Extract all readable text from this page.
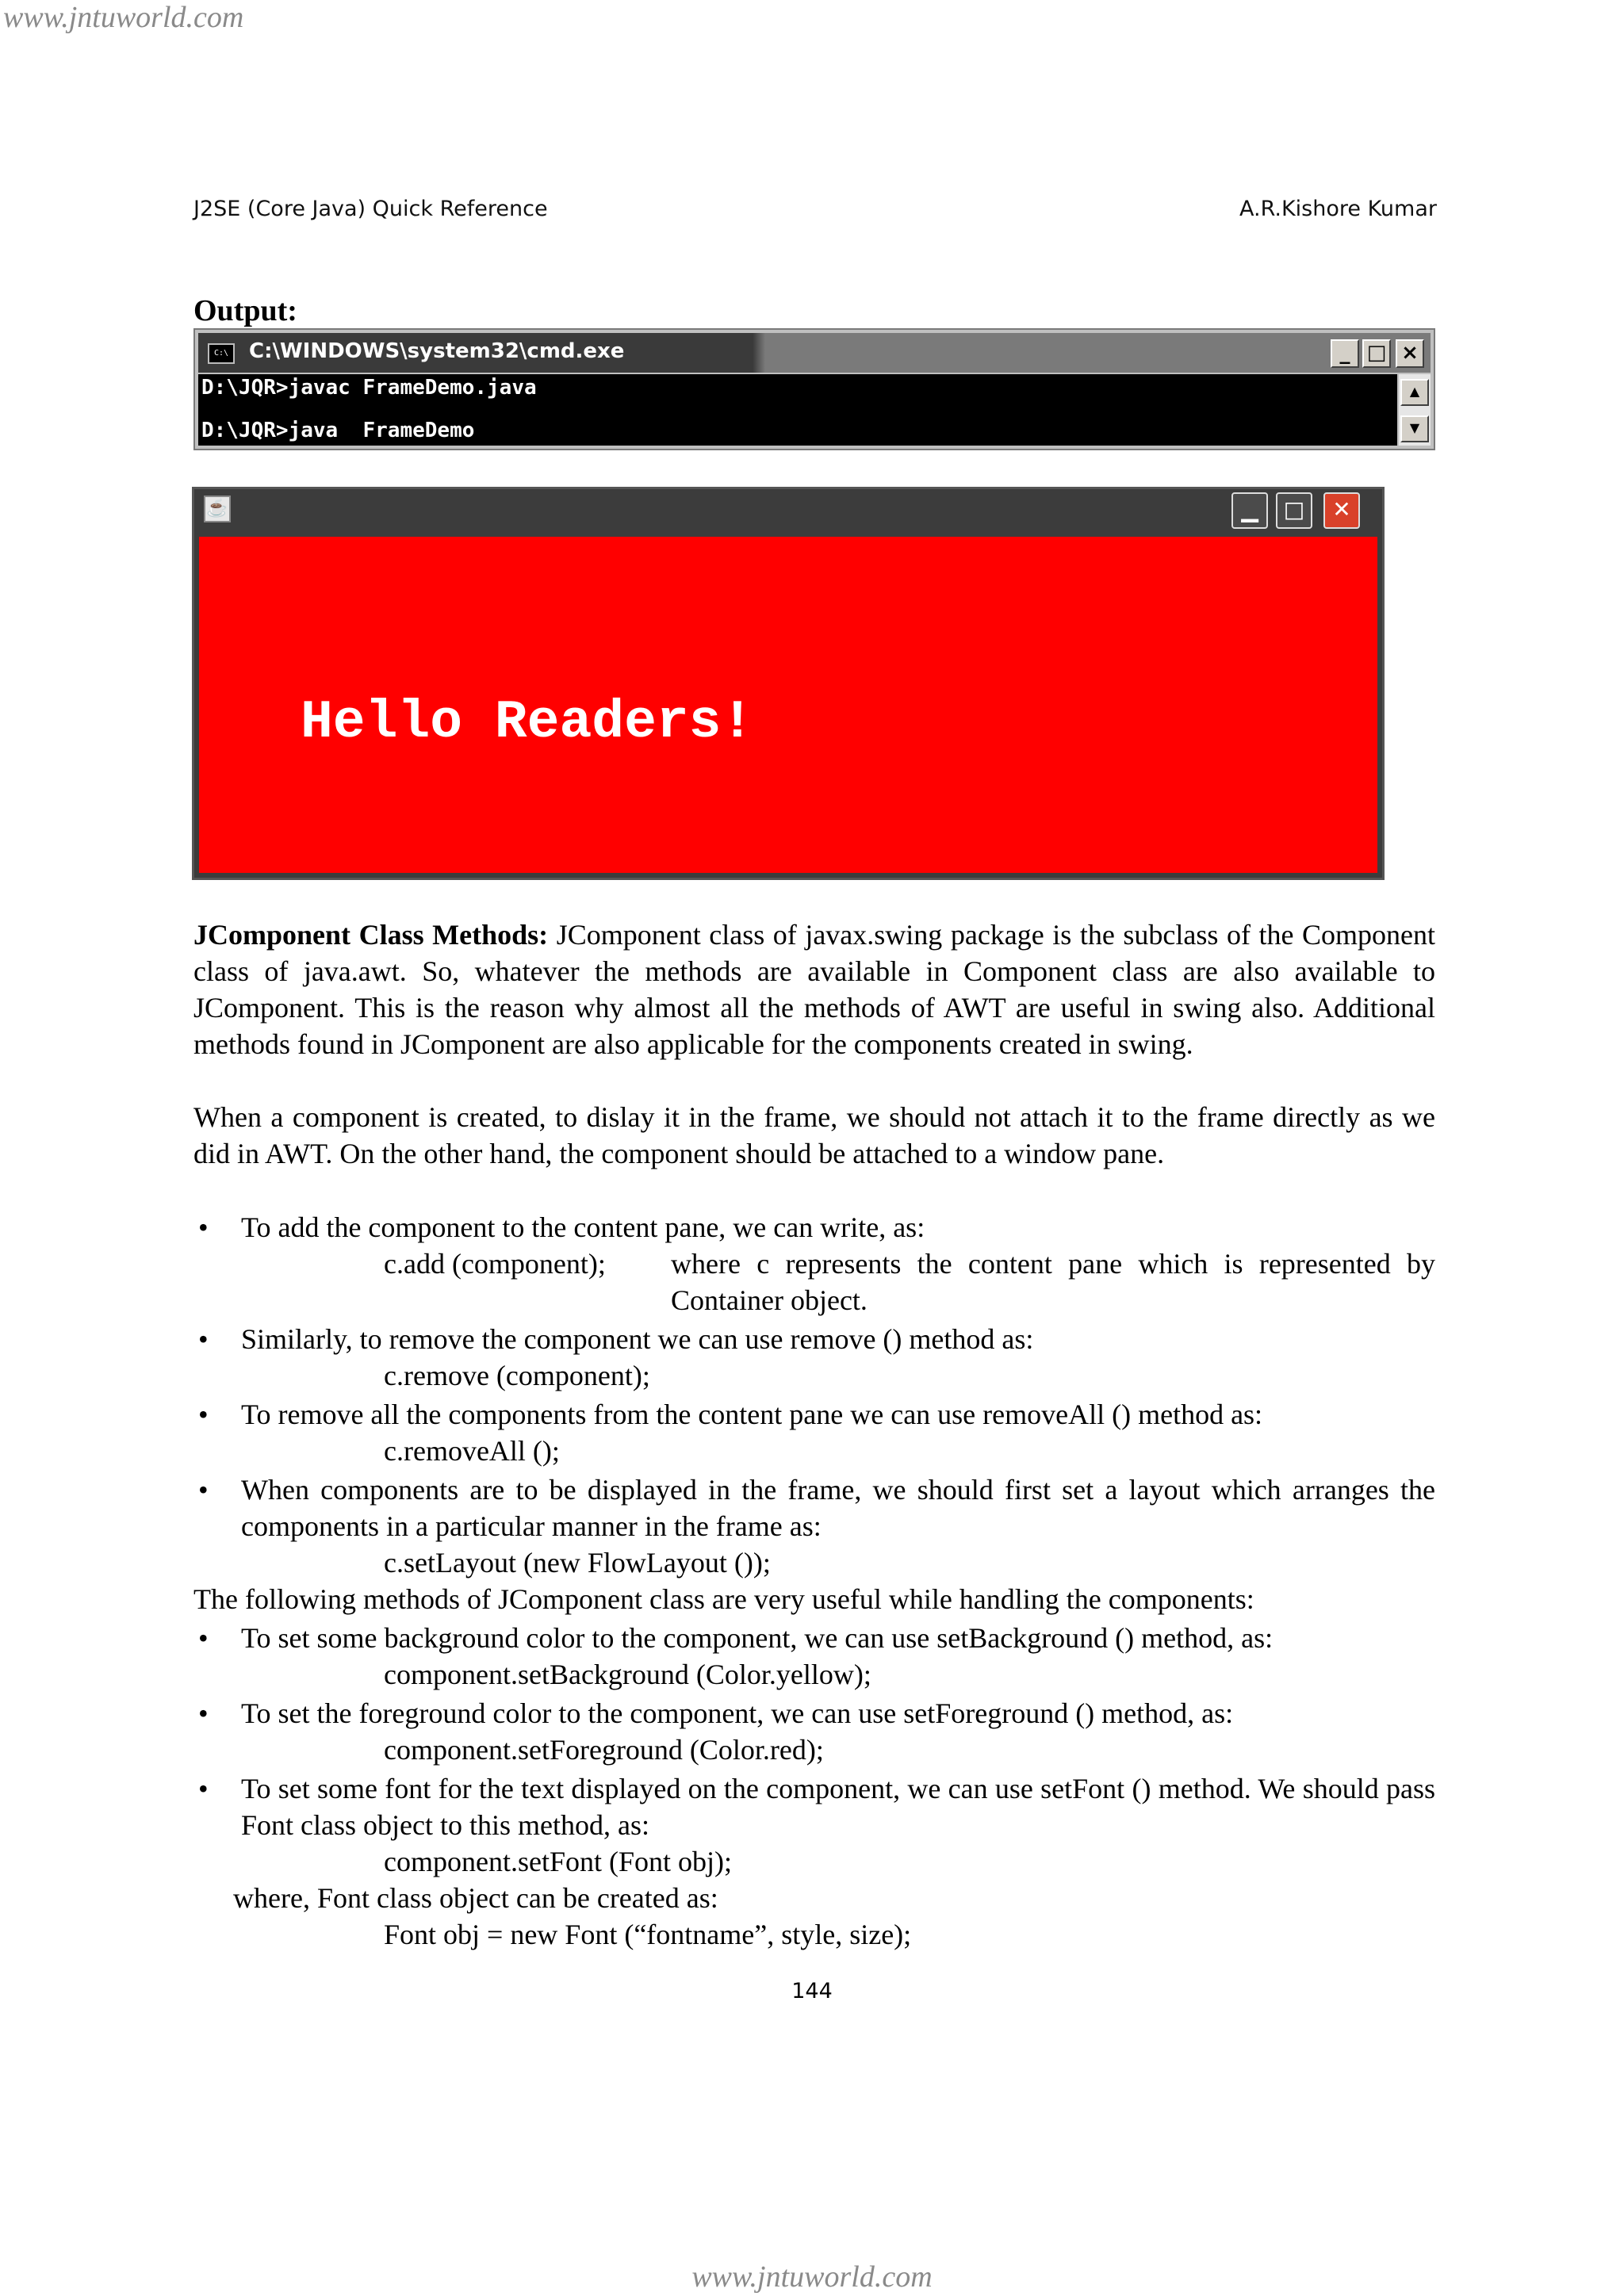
www.jntuworld.com
J2SE (Core Java) Quick Reference	A.R.Kishore Kumar
Output:
C:\ C:\WINDOWS\system32\cmd.exe	_ □ ×
D:\JQR>javac FrameDemo.java
D:\JQR>java  FrameDemo
▲
▼
☕	▁	□	✕
Hello Readers!
JComponent Class Methods: JComponent class of javax.swing package is the subclass of the Component class of java.awt. So, whatever the methods are available in Component class are also available to JComponent. This is the reason why almost all the methods of AWT are useful in swing also. Additional methods found in JComponent are also applicable for the components created in swing.
When a component is created, to dislay it in the frame, we should not attach it to the frame directly as we did in AWT. On the other hand, the component should be attached to a window pane.
• To add the component to the content pane, we can write, as:
c.add (component); where c represents the content pane which is represented by Container object.
• Similarly, to remove the component we can use remove () method as:
c.remove (component);
• To remove all the components from the content pane we can use removeAll () method as:
c.removeAll ();
• When components are to be displayed in the frame, we should first set a layout which arranges the components in a particular manner in the frame as:
c.setLayout (new FlowLayout ());
The following methods of JComponent class are very useful while handling the components:
• To set some background color to the component, we can use setBackground () method, as:
component.setBackground (Color.yellow);
• To set the foreground color to the component, we can use setForeground () method, as:
component.setForeground (Color.red);
• To set some font for the text displayed on the component, we can use setFont () method. We should pass Font class object to this method, as:
component.setFont (Font obj);
where, Font class object can be created as:
Font obj = new Font (“fontname”, style, size);
144
www.jntuworld.com
